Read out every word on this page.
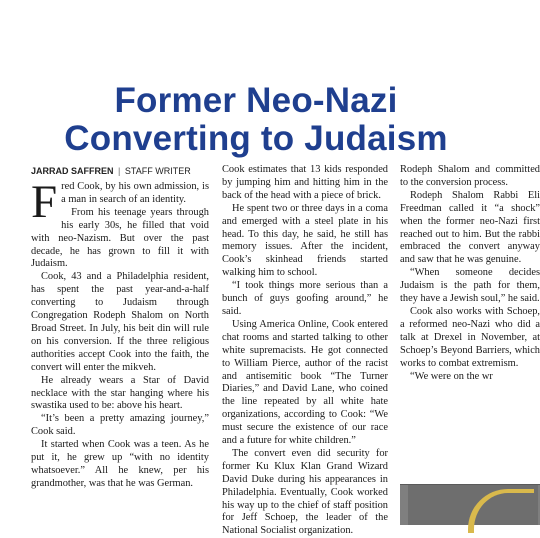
Former Neo-Nazi
Converting to Judaism
JARRAD SAFFREN | STAFF WRITER

Fred Cook, by his own admission, is a man in search of an identity.

From his teenage years through his early 30s, he filled that void with neo-Nazism. But over the past decade, he has grown to fill it with Judaism.

Cook, 43 and a Philadelphia resident, has spent the past year-and-a-half converting to Judaism through Congregation Rodeph Shalom on North Broad Street. In July, his beit din will rule on his conversion. If the three religious authorities accept Cook into the faith, the convert will enter the mikveh.

He already wears a Star of David necklace with the star hanging where his swastika used to be: above his heart.

“It’s been a pretty amazing journey,” Cook said.

It started when Cook was a teen. As he put it, he grew up “with no identity whatsoever.” All he knew, per his grandmother, was that he was German.

Cook estimates that 13 kids responded by jumping him and hitting him in the back of the head with a piece of brick.

He spent two or three days in a coma and emerged with a steel plate in his head. To this day, he said, he still has memory issues. After the incident, Cook’s skinhead friends started walking him to school.

“I took things more serious than a bunch of guys goofing around,” he said.

Using America Online, Cook entered chat rooms and started talking to other white supremacists. He got connected to William Pierce, author of the racist and antisemitic book “The Turner Diaries,” and David Lane, who coined the line repeated by all white hate organizations, according to Cook: “We must secure the existence of our race and a future for white children.”

The convert even did security for former Ku Klux Klan Grand Wizard David Duke during his appearances in Philadelphia. Eventually, Cook worked his way up to the chief of staff position for Jeff Schoep, the leader of the National Socialist organization.

Rodeph Shalom and committed to the conversion process.

Rodeph Shalom Rabbi Eli Freedman called it “a shock” when the former neo-Nazi first reached out to him. But the rabbi embraced the convert anyway and saw that he was genuine.

“When someone decides Judaism is the path for them, they have a Jewish soul,” he said.

Cook also works with Schoep, a reformed neo-Nazi who did a talk at Drexel in November, at Schoep’s Beyond Barriers, which works to combat extremism.

“We were on the wr
